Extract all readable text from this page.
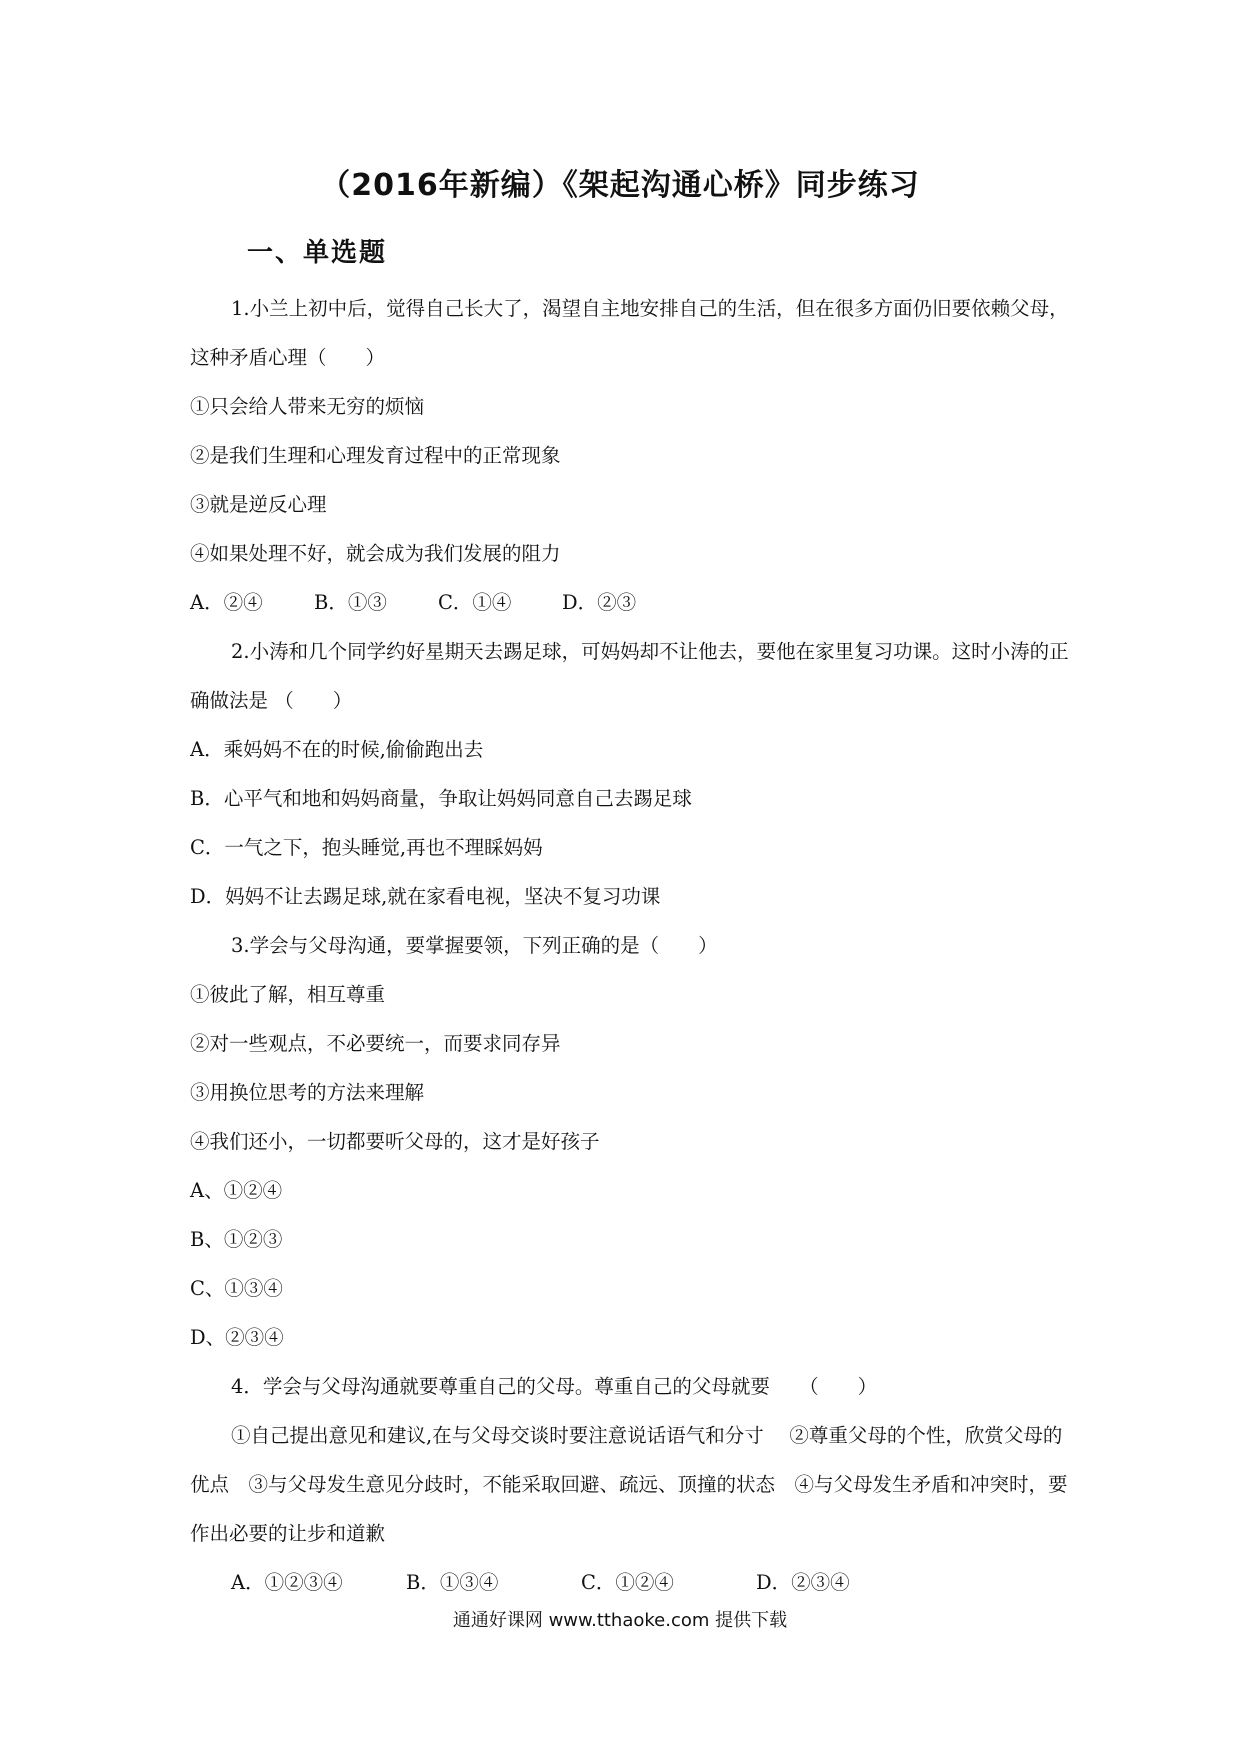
（2016年新编）《架起沟通心桥》同步练习
一、单选题

1.小兰上初中后，觉得自己长大了，渴望自主地安排自己的生活，但在很多方面仍旧要依赖父母，这种矛盾心理（　　）

①只会给人带来无穷的烦恼

②是我们生理和心理发育过程中的正常现象

③就是逆反心理

④如果处理不好，就会成为我们发展的阻力

A．②④	B．①③	C．①④	D．②③

2.小涛和几个同学约好星期天去踢足球，可妈妈却不让他去，要他在家里复习功课。这时小涛的正确做法是 （　　）

A．乘妈妈不在的时候,偷偷跑出去

B．心平气和地和妈妈商量，争取让妈妈同意自己去踢足球

C．一气之下，抱头睡觉,再也不理睬妈妈

D．妈妈不让去踢足球,就在家看电视，坚决不复习功课

3.学会与父母沟通，要掌握要领，下列正确的是（　　）

①彼此了解，相互尊重

②对一些观点，不必要统一，而要求同存异

③用换位思考的方法来理解

④我们还小，一切都要听父母的，这才是好孩子

A、①②④

B、①②③

C、①③④

D、②③④

4．学会与父母沟通就要尊重自己的父母。尊重自己的父母就要　　（　　）

①自己提出意见和建议,在与父母交谈时要注意说话语气和分寸　 ②尊重父母的个性，欣赏父母的优点　③与父母发生意见分歧时，不能采取回避、疏远、顶撞的状态　④与父母发生矛盾和冲突时，要作出必要的让步和道歉

A．①②③④	B．①③④	C．①②④	D．②③④

通通好课网 www.tthaoke.com 提供下载
